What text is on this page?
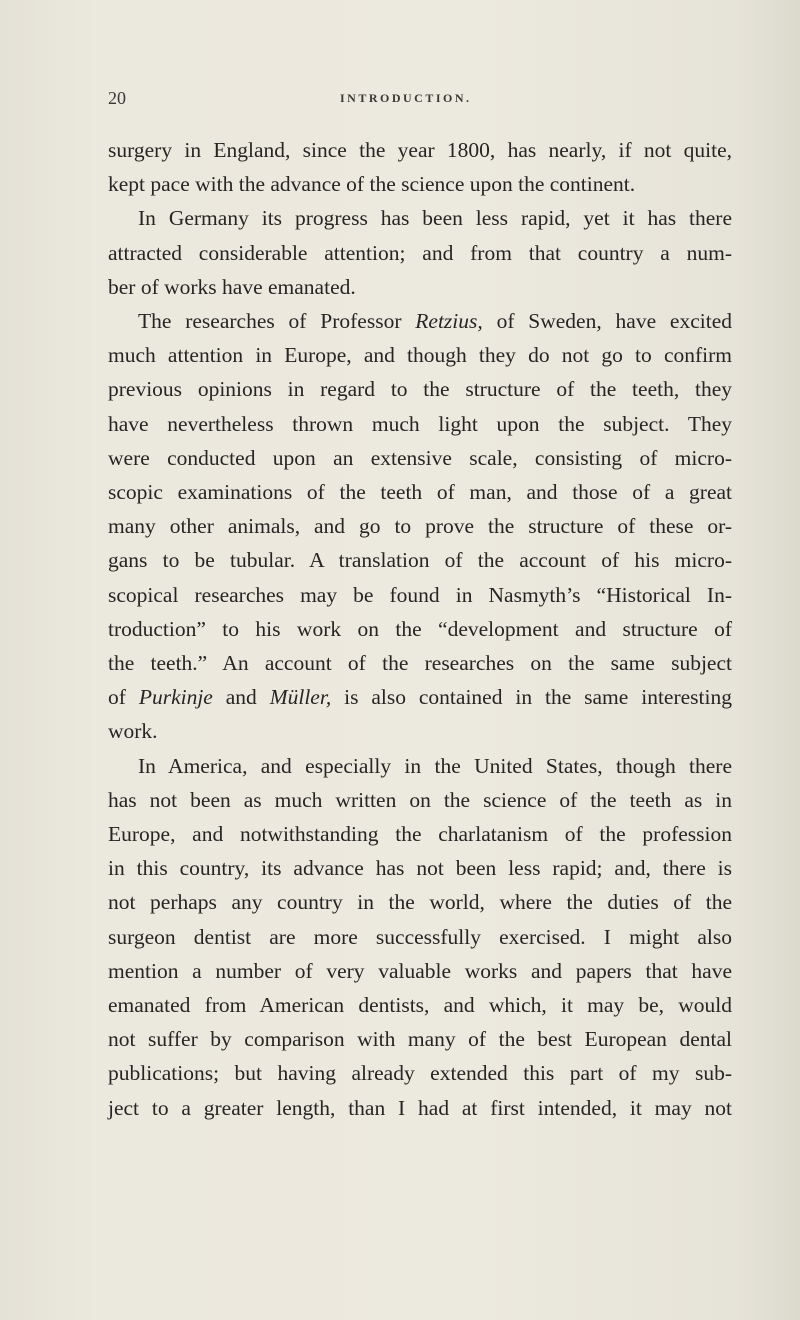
20	INTRODUCTION.
surgery in England, since the year 1800, has nearly, if not quite,
kept pace with the advance of the science upon the continent.
In Germany its progress has been less rapid, yet it has there
attracted considerable attention; and from that country a num-
ber of works have emanated.
The researches of Professor Retzius, of Sweden, have excited
much attention in Europe, and though they do not go to confirm
previous opinions in regard to the structure of the teeth, they
have nevertheless thrown much light upon the subject. They
were conducted upon an extensive scale, consisting of micro-
scopic examinations of the teeth of man, and those of a great
many other animals, and go to prove the structure of these or-
gans to be tubular. A translation of the account of his micro-
scopical researches may be found in Nasmyth’s “Historical In-
troduction” to his work on the “development and structure of
the teeth.” An account of the researches on the same subject
of Purkinje and Müller, is also contained in the same interesting
work.
In America, and especially in the United States, though there
has not been as much written on the science of the teeth as in
Europe, and notwithstanding the charlatanism of the profession
in this country, its advance has not been less rapid; and, there is
not perhaps any country in the world, where the duties of the
surgeon dentist are more successfully exercised. I might also
mention a number of very valuable works and papers that have
emanated from American dentists, and which, it may be, would
not suffer by comparison with many of the best European dental
publications; but having already extended this part of my sub-
ject to a greater length, than I had at first intended, it may not
